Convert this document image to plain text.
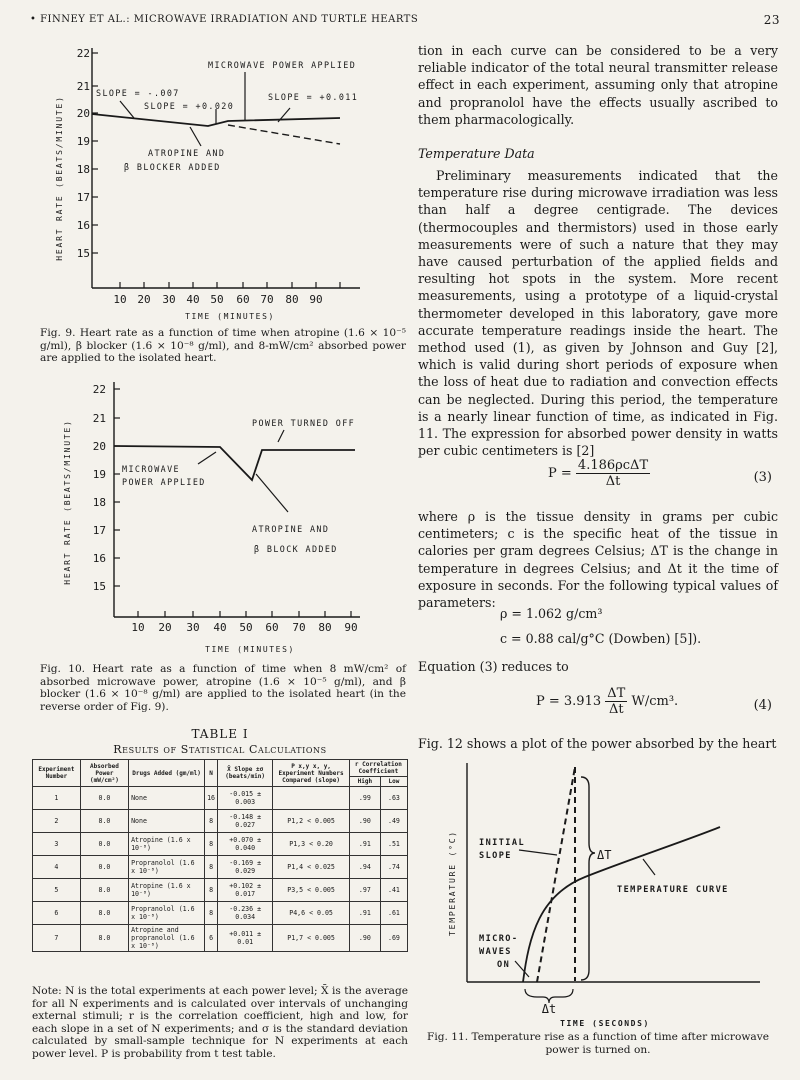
• FINNEY ET AL.: MICROWAVE IRRADIATION AND TURTLE HEARTS	23
22
21
20
19
18
17
16
15
10 20 30 40 50 60 70 80 90
TIME (MINUTES)
HEART RATE (BEATS/MINUTE)
MICROWAVE POWER APPLIED
SLOPE = -.007
SLOPE = +0.020
SLOPE = +0.011
ATROPINE AND
β BLOCKER ADDED
Fig. 9. Heart rate as a function of time when atropine (1.6 × 10⁻⁵ g/ml), β blocker (1.6 × 10⁻⁸ g/ml), and 8-mW/cm² absorbed power are applied to the isolated heart.
22
21
20
19
18
17
16
15
10 20 30 40 50 60 70 80 90
TIME (MINUTES)
HEART RATE (BEATS/MINUTE)	POWER TURNED OFF
MICROWAVE
POWER APPLIED
ATROPINE AND
β BLOCK ADDED
Fig. 10. Heart rate as a function of time when 8 mW/cm² of absorbed microwave power, atropine (1.6 × 10⁻⁵ g/ml), and β blocker (1.6 × 10⁻⁸ g/ml) are applied to the isolated heart (in the reverse order of Fig. 9).
TABLE I
Results of Statistical Calculations
Experiment Number	Absorbed Power (mW/cm²)	Drugs Added (gm/ml)	N	X̄ Slope ±σ (beats/min)	P x,y x, y, Experiment Numbers Compared (slope)	r Correlation Coefficient	
						High	Low
1	0.0	None	16	-0.015 ± 0.003		.99	.63
2	8.0	None	8	-0.148 ± 0.027	P1,2 < 0.005	.90	.49
3	0.0	Atropine (1.6 x 10⁻⁸)	8	+0.070 ± 0.040	P1,3 < 0.20	.91	.51
4	0.0	Propranolol (1.6 x 10⁻⁸)	8	-0.169 ± 0.029	P1,4 < 0.025	.94	.74
5	8.0	Atropine (1.6 x 10⁻⁸)	8	+0.102 ± 0.017	P3,5 < 0.005	.97	.41
6	8.0	Propranolol (1.6 x 10⁻⁸)	8	-0.236 ± 0.034	P4,6 < 0.05	.91	.61
7	8.0	Atropine and propranolol (1.6 x 10⁻⁸)	6	+0.011 ± 0.01	P1,7 < 0.005	.90	.69
Note: N is the total experiments at each power level; X̄ is the average for all N experiments and is calculated over intervals of unchanging external stimuli; r is the correlation coefficient, high and low, for each slope in a set of N experiments; and σ is the standard deviation calculated by small-sample technique for N experiments at each power level. P is probability from t test table.

tion in each curve can be considered to be a very reliable indicator of the total neural transmitter release effect in each experiment, assuming only that atropine and propranolol have the effects usually ascribed to them pharmacologically.

Temperature Data

Preliminary measurements indicated that the temperature rise during microwave irradiation was less than half a degree centigrade. The devices (thermocouples and thermistors) used in those early measurements were of such a nature that they may have caused perturbation of the applied fields and resulting hot spots in the system. More recent measurements, using a prototype of a liquid-crystal thermometer developed in this laboratory, gave more accurate temperature readings inside the heart. The method used (1), as given by Johnson and Guy [2], which is valid during short periods of exposure when the loss of heat due to radiation and convection effects can be neglected. During this period, the temperature is a nearly linear function of time, as indicated in Fig. 11. The expression for absorbed power density in watts per cubic centimeters is [2]

$P = \frac{\text{4.186ρcΔT}}{\Delta t}$	(3)

where ρ is the tissue density in grams per cubic centimeters; c is the specific heat of the tissue in calories per gram degrees Celsius; ΔT is the change in temperature in degrees Celsius; and Δt it the time of exposure in seconds. For the following typical values of parameters:

ρ = 1.062 g/cm³
c = 0.88 cal/g°C (Dowben) [5]).

Equation (3) reduces to

$P = 3.913 \frac{\Delta T}{\Delta t} W/cm^3$.	(4)

Fig. 12 shows a plot of the power absorbed by the heart

TEMPERATURE (°C)	INITIAL
SLOPE
TEMPERATURE CURVE
MICRO-
WAVES
ON
ΔT
Δt
TIME (SECONDS)
Fig. 11. Temperature rise as a function of time after microwave power is turned on.
